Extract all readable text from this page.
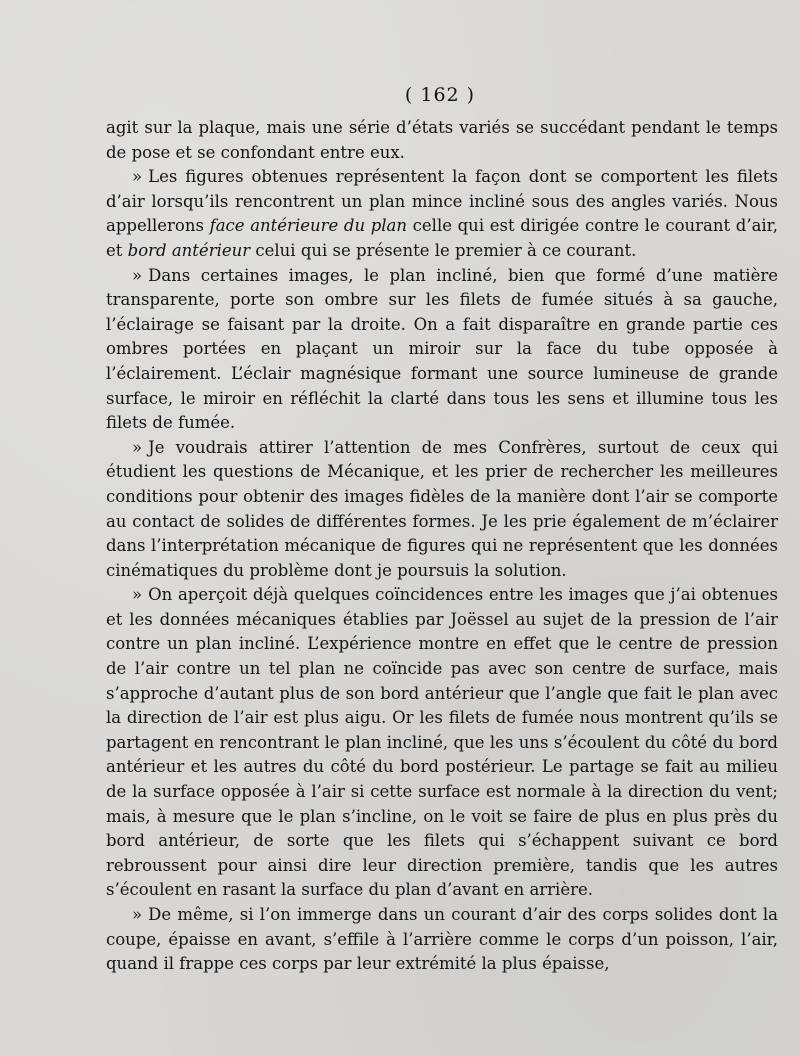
( 162 )

agit sur la plaque, mais une série d’états variés se succédant pendant le temps de pose et se confondant entre eux.

» Les figures obtenues représentent la façon dont se comportent les filets d’air lorsqu’ils rencontrent un plan mince incliné sous des angles variés. Nous appellerons face antérieure du plan celle qui est dirigée contre le courant d’air, et bord antérieur celui qui se présente le premier à ce courant.

» Dans certaines images, le plan incliné, bien que formé d’une matière transparente, porte son ombre sur les filets de fumée situés à sa gauche, l’éclairage se faisant par la droite. On a fait disparaître en grande partie ces ombres portées en plaçant un miroir sur la face du tube opposée à l’éclairement. L’éclair magnésique formant une source lumineuse de grande surface, le miroir en réfléchit la clarté dans tous les sens et illumine tous les filets de fumée.

» Je voudrais attirer l’attention de mes Confrères, surtout de ceux qui étudient les questions de Mécanique, et les prier de rechercher les meilleures conditions pour obtenir des images fidèles de la manière dont l’air se comporte au contact de solides de différentes formes. Je les prie également de m’éclairer dans l’interprétation mécanique de figures qui ne représentent que les données cinématiques du problème dont je poursuis la solution.

» On aperçoit déjà quelques coïncidences entre les images que j’ai obtenues et les données mécaniques établies par Joëssel au sujet de la pression de l’air contre un plan incliné. L’expérience montre en effet que le centre de pression de l’air contre un tel plan ne coïncide pas avec son centre de surface, mais s’approche d’autant plus de son bord antérieur que l’angle que fait le plan avec la direction de l’air est plus aigu. Or les filets de fumée nous montrent qu’ils se partagent en rencontrant le plan incliné, que les uns s’écoulent du côté du bord antérieur et les autres du côté du bord postérieur. Le partage se fait au milieu de la surface opposée à l’air si cette surface est normale à la direction du vent; mais, à mesure que le plan s’incline, on le voit se faire de plus en plus près du bord antérieur, de sorte que les filets qui s’échappent suivant ce bord rebroussent pour ainsi dire leur direction première, tandis que les autres s’écoulent en rasant la surface du plan d’avant en arrière.

» De même, si l’on immerge dans un courant d’air des corps solides dont la coupe, épaisse en avant, s’effile à l’arrière comme le corps d’un poisson, l’air, quand il frappe ces corps par leur extrémité la plus épaisse,
